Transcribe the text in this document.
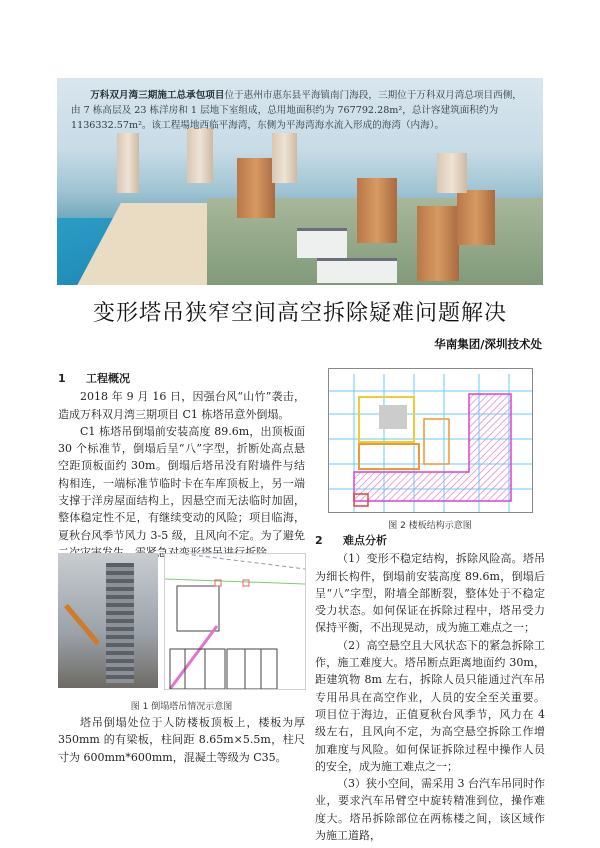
万科双月湾三期施工总承包项目位于惠州市惠东县平海镇南门海段，三期位于万科双月湾总项目西侧，由 7 栋高层及 23 栋洋房和 1 层地下室组成，总用地面积约为 767792.28m²，总计容建筑面积约为 1136332.57m²。该工程場地西临平海湾，东侧为平海湾海水流入形成的海湾（内海）。
变形塔吊狭窄空间高空拆除疑难问题解决
华南集团/深圳技术处
1 工程概况

2018 年 9 月 16 日，因强台风“山竹”袭击，造成万科双月湾三期项目 C1 栋塔吊意外倒塌。

C1 栋塔吊倒塌前安装高度 89.6m，出顶板面 30 个标准节，倒塌后呈“八”字型，折断处高点悬空距顶板面约 30m。倒塌后塔吊没有附墙件与结构相连，一端标准节临时卡在车库顶板上，另一端支撑于洋房屋面结构上，因悬空而无法临时加固，整体稳定性不足，有继续变动的风险；项目临海，夏秋台风季节风力 3-5 级，且风向不定。为了避免 急

图 1 倒塌塔吊情况示意图

塔吊倒塌处位于人防楼板顶板上，楼板为厚 350mm 的有梁板，柱间距 8.65m×5.5m，柱尺寸为 600mm*600mm，混凝土等级为 C35。

图 2 楼板结构示意图
2 难点分析

（1）变形不稳定结构，拆除风险高。塔吊为细长构件，倒塌前安装高度 89.6m，倒塌后呈“八”字型，附墙全部断裂，整体处于不稳定受力状态。如何保证在拆除过程中，塔吊受力保持平衡，不出现晃动，成为施工难点之一；

（2）高空悬空且大风状态下的紧急拆除工作，施工难度大。塔吊断点距离地面约 30m，距建筑物 8m 左右，拆除人员只能通过汽车吊专用吊具在高空作业，人员的安全至关重要。项目位于海边，正值夏秋台风季节，风力在 4 级左右，且风向不定，为高空悬空拆除工作增加难度与风险。如何保证拆除过程中操作人员的安全，成为施工难点之一；

（3）狭小空间，需采用 3 台汽车吊同时作业，要求汽车吊臂空中旋转精准到位，操作难度大。塔吊拆除部位在两栋楼之间，该区域作为施工道路，
